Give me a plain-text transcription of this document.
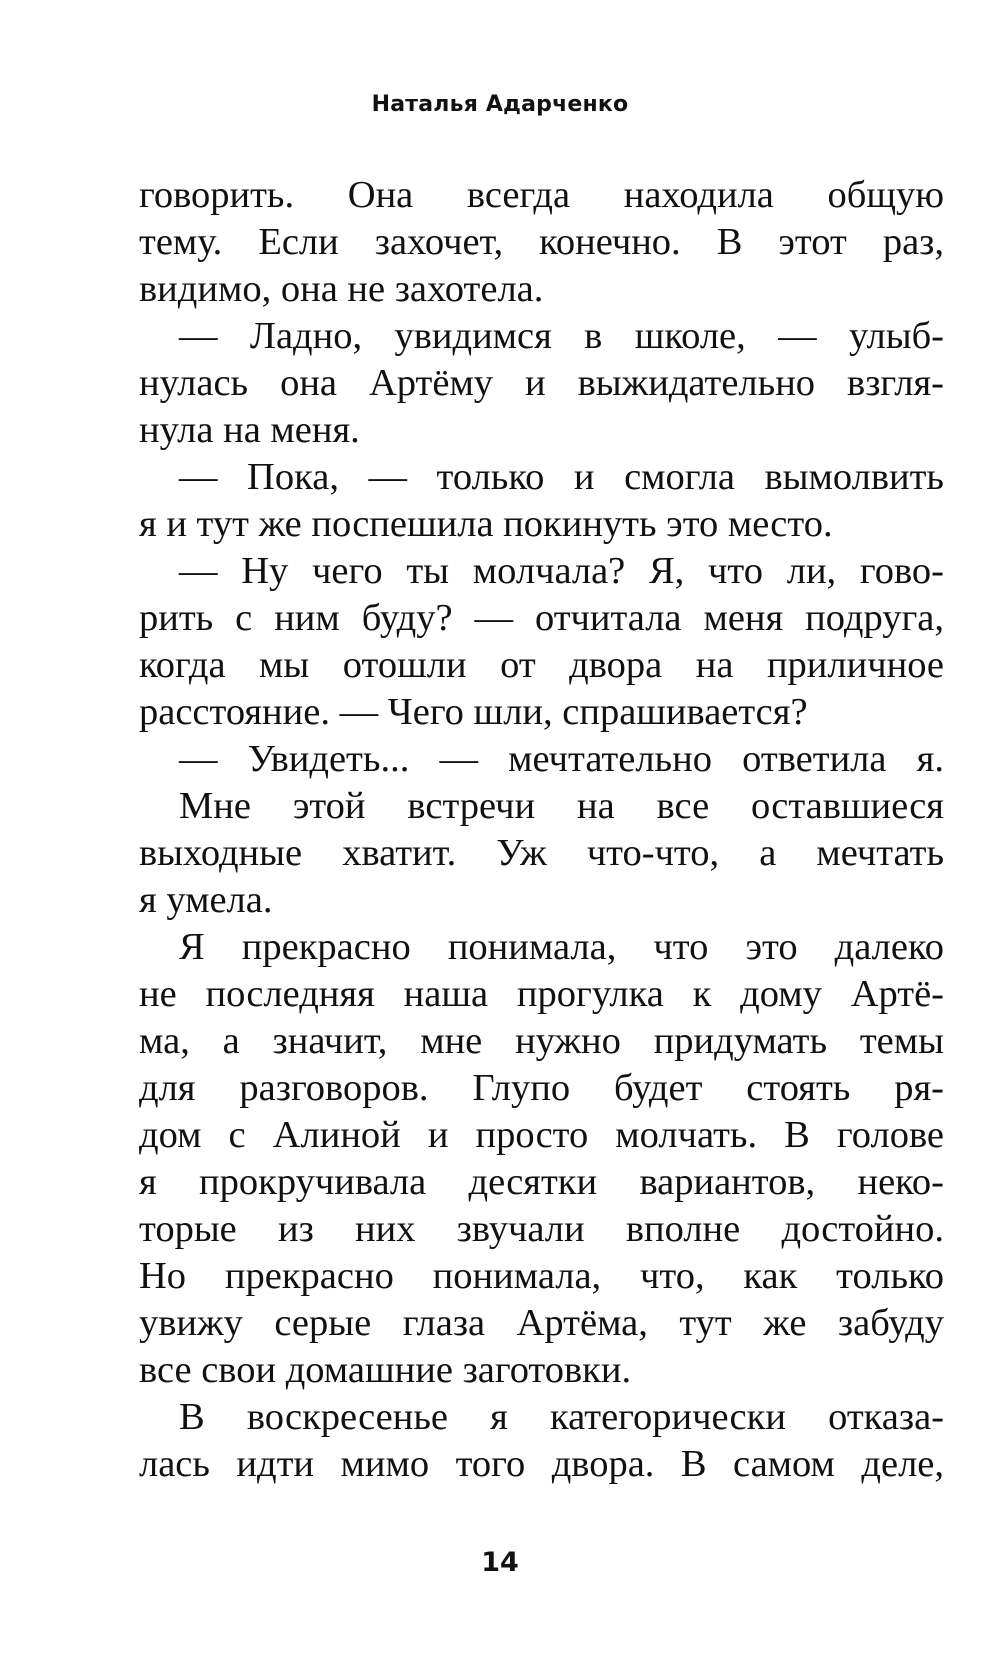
Наталья Адарченко
говорить. Она всегда находила общую
тему. Если захочет, конечно. В этот раз,
видимо, она не захотела.
— Ладно, увидимся в школе, — улыб-
нулась она Артёму и выжидательно взгля-
нула на меня.
— Пока, — только и смогла вымолвить
я и тут же поспешила покинуть это место.
— Ну чего ты молчала? Я, что ли, гово-
рить с ним буду? — отчитала меня подруга,
когда мы отошли от двора на приличное
расстояние. — Чего шли, спрашивается?
— Увидеть... — мечтательно ответила я.
Мне этой встречи на все оставшиеся
выходные хватит. Уж что-что, а мечтать
я умела.
Я прекрасно понимала, что это далеко
не последняя наша прогулка к дому Артё-
ма, а значит, мне нужно придумать темы
для разговоров. Глупо будет стоять ря-
дом с Алиной и просто молчать. В голове
я прокручивала десятки вариантов, неко-
торые из них звучали вполне достойно.
Но прекрасно понимала, что, как только
увижу серые глаза Артёма, тут же забуду
все свои домашние заготовки.
В воскресенье я категорически отказа-
лась идти мимо того двора. В самом деле,
14
